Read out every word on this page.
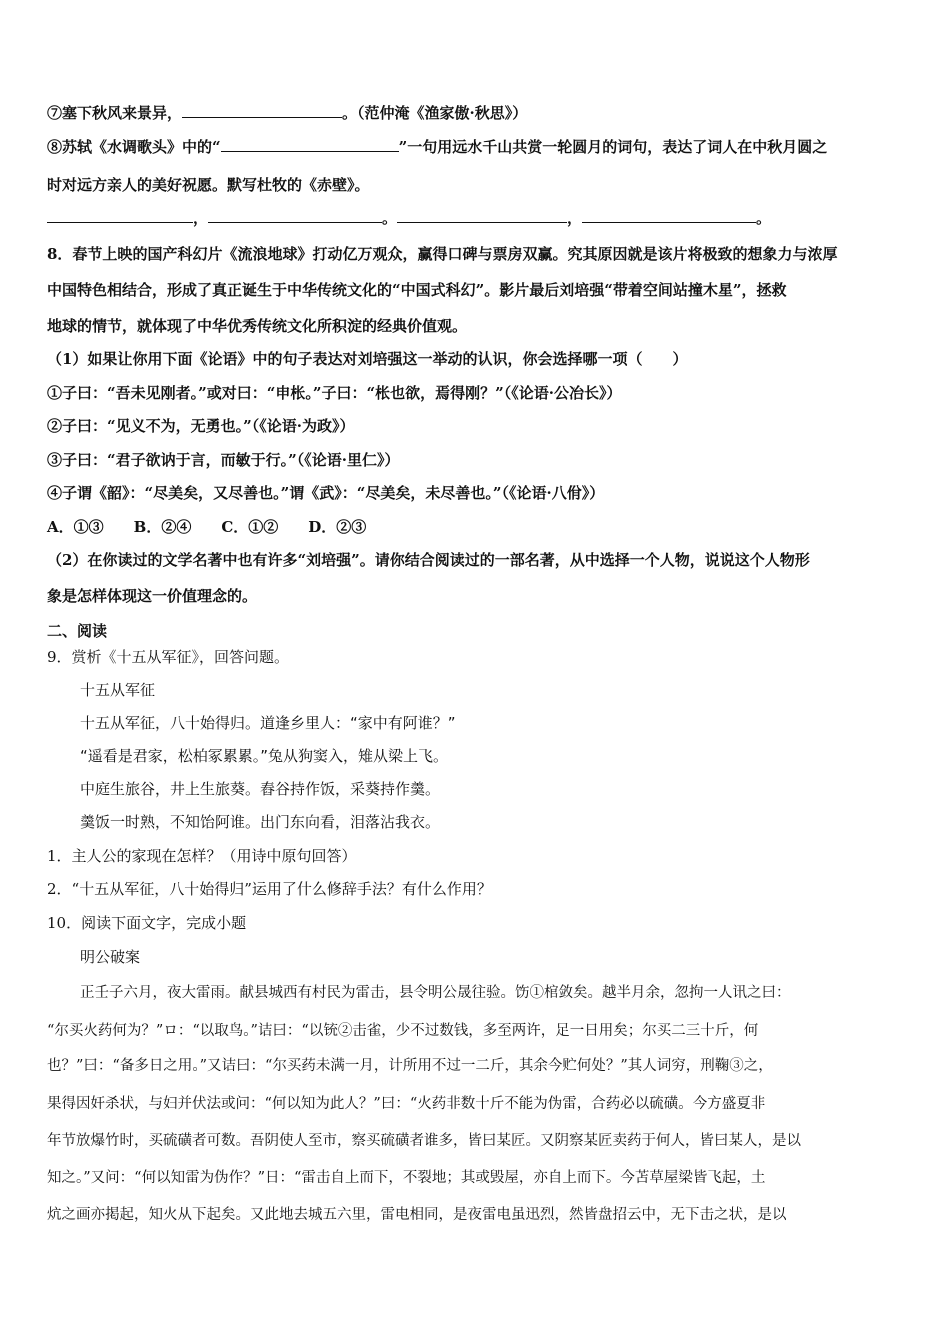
⑦塞下秋风来景异，	。（范仲淹《渔家傲·秋思》）
⑧苏轼《水调歌头》中的“	”一句用远水千山共赏一轮圆月的词句，表达了词人在中秋月圆之
时对远方亲人的美好祝愿。默写杜牧的《赤壁》。
，	。	，	。
8．春节上映的国产科幻片《流浪地球》打动亿万观众，赢得口碑与票房双赢。究其原因就是该片将极致的想象力与浓厚
中国特色相结合，形成了真正诞生于中华传统文化的“中国式科幻”。影片最后刘培强“带着空间站撞木星”，拯救
地球的情节，就体现了中华优秀传统文化所积淀的经典价值观。
（1）如果让你用下面《论语》中的句子表达对刘培强这一举动的认识，你会选择哪一项（　　）
①子曰：“吾未见刚者。”或对曰：“申枨。”子曰：“枨也欲，焉得刚？”（《论语·公冶长》）
②子曰：“见义不为，无勇也。”（《论语·为政》）
③子曰：“君子欲讷于言，而敏于行。”（《论语·里仁》）
④子谓《韶》：“尽美矣，又尽善也。”谓《武》：“尽美矣，未尽善也。”（《论语·八佾》）
A．①③　　B．②④　　C．①②　　D．②③
（2）在你读过的文学名著中也有许多“刘培强”。请你结合阅读过的一部名著，从中选择一个人物，说说这个人物形
象是怎样体现这一价值理念的。
二、阅读
9．赏析《十五从军征》，回答问题。
十五从军征
十五从军征，八十始得归。道逢乡里人：“家中有阿谁？”
“遥看是君家，松柏冢累累。”兔从狗窦入，雉从梁上飞。
中庭生旅谷，井上生旅葵。舂谷持作饭，采葵持作羹。
羹饭一时熟，不知饴阿谁。出门东向看，泪落沾我衣。
1．主人公的家现在怎样？（用诗中原句回答）
2．“十五从军征，八十始得归”运用了什么修辞手法？有什么作用？
10．阅读下面文字，完成小题
明公破案
正壬子六月，夜大雷雨。献县城西有村民为雷击，县令明公晟往验。饬①棺敛矣。越半月余，忽拘一人讯之曰：
“尔买火药何为？”ロ：“以取鸟。”诘曰：“以铳②击雀，少不过数钱，多至两许，足一日用矣；尔买二三十斤，何
也？”曰：“备多日之用。”又诘曰：“尔买药未满一月，计所用不过一二斤，其余今贮何处？”其人词穷，刑鞠③之，
果得因奸杀状，与妇并伏法或问：“何以知为此人？”曰：“火药非数十斤不能为伪雷，合药必以硫磺。今方盛夏非
年节放爆竹时，买硫磺者可数。吾阴使人至市，察买硫磺者谁多，皆曰某匠。又阴察某匠卖药于何人，皆曰某人，是以
知之。”又问：“何以知雷为伪作？”日：“雷击自上而下，不裂地；其或毁屋，亦自上而下。今苫草屋梁皆飞起，土
炕之画亦掲起，知火从下起矣。又此地去城五六里，雷电相同，是夜雷电虽迅烈，然皆盘招云中，无下击之状，是以
